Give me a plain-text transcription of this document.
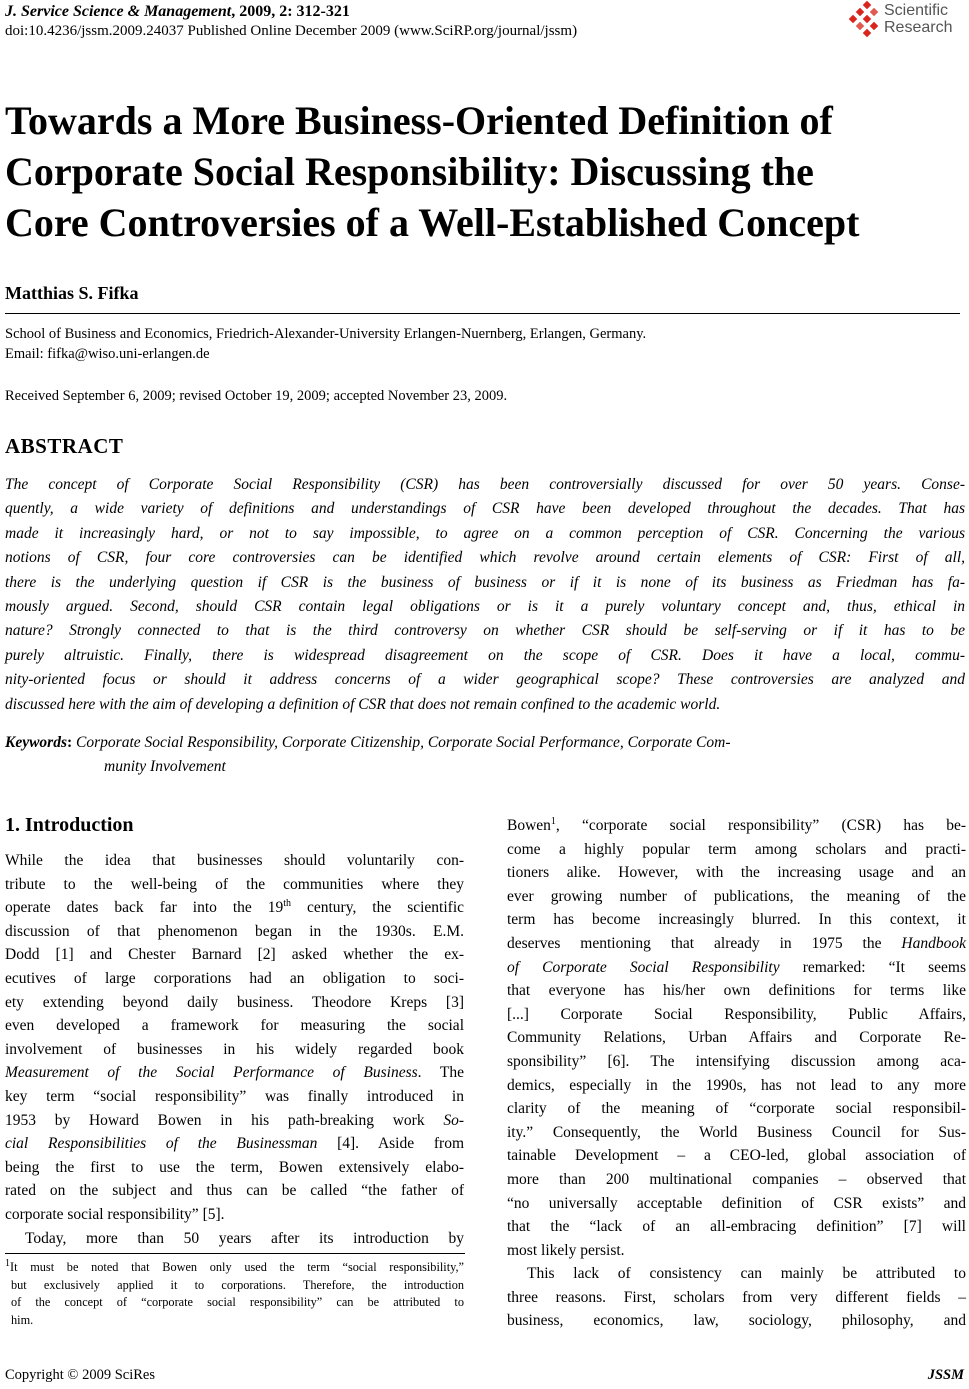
J. Service Science & Management, 2009, 2: 312-321
doi:10.4236/jssm.2009.24037 Published Online December 2009 (www.SciRP.org/journal/jssm)
Scientific
Research
Towards a More Business-Oriented Definition of
Corporate Social Responsibility: Discussing the
Core Controversies of a Well-Established Concept
Matthias S. Fifka
School of Business and Economics, Friedrich-Alexander-University Erlangen-Nuernberg, Erlangen, Germany.
Email: fifka@wiso.uni-erlangen.de
Received September 6, 2009; revised October 19, 2009; accepted November 23, 2009.
ABSTRACT
The concept of Corporate Social Responsibility (CSR) has been controversially discussed for over 50 years. Conse-
quently, a wide variety of definitions and understandings of CSR have been developed throughout the decades. That has
made it increasingly hard, or not to say impossible, to agree on a common perception of CSR. Concerning the various
notions of CSR, four core controversies can be identified which revolve around certain elements of CSR: First of all,
there is the underlying question if CSR is the business of business or if it is none of its business as Friedman has fa-
mously argued. Second, should CSR contain legal obligations or is it a purely voluntary concept and, thus, ethical in
nature? Strongly connected to that is the third controversy on whether CSR should be self-serving or if it has to be
purely altruistic. Finally, there is widespread disagreement on the scope of CSR. Does it have a local, commu-
nity-oriented focus or should it address concerns of a wider geographical scope? These controversies are analyzed and
discussed here with the aim of developing a definition of CSR that does not remain confined to the academic world.
Keywords: Corporate Social Responsibility, Corporate Citizenship, Corporate Social Performance, Corporate Com-
munity Involvement
1. Introduction
While the idea that businesses should voluntarily con-
tribute to the well-being of the communities where they
operate dates back far into the 19th century, the scientific
discussion of that phenomenon began in the 1930s. E.M.
Dodd [1] and Chester Barnard [2] asked whether the ex-
ecutives of large corporations had an obligation to soci-
ety extending beyond daily business. Theodore Kreps [3]
even developed a framework for measuring the social
involvement of businesses in his widely regarded book
Measurement of the Social Performance of Business. The
key term “social responsibility” was finally introduced in
1953 by Howard Bowen in his path-breaking work So-
cial Responsibilities of the Businessman [4]. Aside from
being the first to use the term, Bowen extensively elabo-
rated on the subject and thus can be called “the father of
corporate social responsibility” [5].
Today, more than 50 years after its introduction by
$^1$It must be noted that Bowen only used the term “social responsibility,”
but exclusively applied it to corporations. Therefore, the introduction
of the concept of “corporate social responsibility” can be attributed to
him.
Bowen$^1$, “corporate social responsibility” (CSR) has be-
come a highly popular term among scholars and practi-
tioners alike. However, with the increasing usage and an
ever growing number of publications, the meaning of the
term has become increasingly blurred. In this context, it
deserves mentioning that already in 1975 the Handbook
of Corporate Social Responsibility remarked: “It seems
that everyone has his/her own definitions for terms like
[...] Corporate Social Responsibility, Public Affairs,
Community Relations, Urban Affairs and Corporate Re-
sponsibility” [6]. The intensifying discussion among aca-
demics, especially in the 1990s, has not lead to any more
clarity of the meaning of “corporate social responsibil-
ity.” Consequently, the World Business Council for Sus-
tainable Development – a CEO-led, global association of
more than 200 multinational companies – observed that
“no universally acceptable definition of CSR exists” and
that the “lack of an all-embracing definition” [7] will
most likely persist.
This lack of consistency can mainly be attributed to
three reasons. First, scholars from very different fields –
business, economics, law, sociology, philosophy, and
Copyright © 2009 SciRes	JSSM
